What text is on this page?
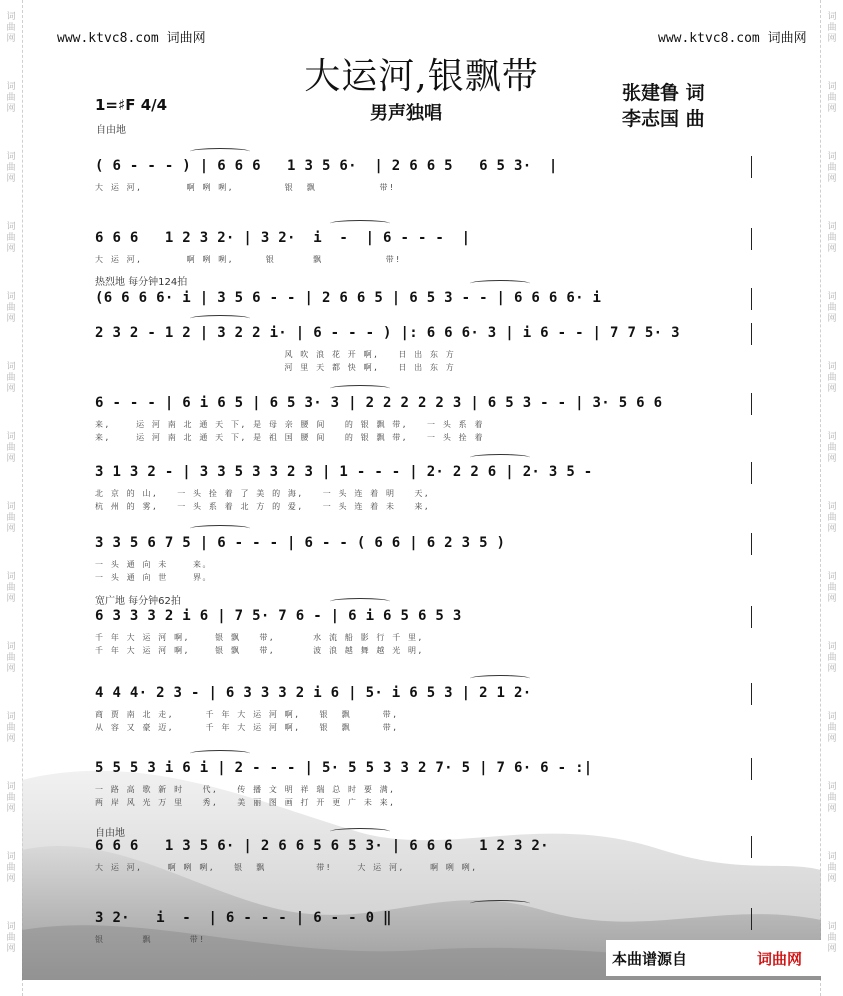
词
曲
网
词
曲
网
词
曲
网
词
曲
网
词
曲
网
词
曲
网
词
曲
网
词
曲
网
词
曲
网
词
曲
网
词
曲
网
词
曲
网
词
曲
网
词
曲
网
词
曲
网
词
曲
网
词
曲
网
词
曲
网
词
曲
网
词
曲
网
词
曲
网
词
曲
网
词
曲
网
词
曲
网
词
曲
网
词
曲
网
词
曲
网
词
曲
网
www.ktvc8.com 词曲网	www.ktvc8.com 词曲网
大运河,银飘带
男声独唱
张建鲁 词
李志国 曲
1=♯F 4/4
自由地
热烈地 每分钟124拍
宽广地 每分钟62拍
自由地
( 6 - - - ) | 6 6 6   1 3 5 6·  | 2 6 6 5   6 5 3·  |
大 运 河,       啊 咧 咧,        银  飘          带!
6 6 6   1 2 3 2· | 3 2·  i  -  | 6 - - -  |
大 运 河,       啊 咧 咧,     银      飘          带!
(6 6 6 6· i | 3 5 6 - - | 2 6 6 5 | 6 5 3 - - | 6 6 6 6· i
2 3 2 - 1 2 | 3 2 2 i· | 6 - - - ) |: 6 6 6· 3 | i 6 - - | 7 7 5· 3
风 吹 浪 花 开 啊,   日 出 东 方
河 里 天 都 快 啊,   日 出 东 方
6 - - - | 6 i 6 5 | 6 5 3· 3 | 2 2 2 2 2 3 | 6 5 3 - - | 3· 5 6 6
来,    运 河 南 北 通 天 下, 是 母 亲 腰 间   的 银 飘 带,   一 头 系 着
来,    运 河 南 北 通 天 下, 是 祖 国 腰 间   的 银 飘 带,   一 头 拴 着
3 1 3 2 - | 3 3 5 3 3 2 3 | 1 - - - | 2· 2 2 6 | 2· 3 5 -
北 京 的 山,   一 头 拴 着 了 美 的 海,   一 头 连 着 明   天,
杭 州 的 雾,   一 头 系 着 北 方 的 爱,   一 头 连 着 未   来,
3 3 5 6 7 5 | 6 - - - | 6 - - ( 6 6 | 6 2 3 5 )
一 头 通 向 未    来。
一 头 通 向 世    界。
6 3 3 3 2 i 6 | 7 5· 7 6 - | 6 i 6 5 6 5 3
千 年 大 运 河 啊,    银 飘   带,      水 流 船 影 行 千 里,
千 年 大 运 河 啊,    银 飘   带,      波 浪 越 舞 越 光 明,
4 4 4· 2 3 - | 6 3 3 3 2 i 6 | 5· i 6 5 3 | 2 1 2·
商 贾 南 北 走,     千 年 大 运 河 啊,   银  飘     带,
从 容 又 豪 迈,     千 年 大 运 河 啊,   银  飘     带,
5 5 5 3 i 6 i | 2 - - - | 5· 5 5 3 3 2 7· 5 | 7 6· 6 - :|
一 路 高 歌 新 时   代,   传 播 文 明 祥 瑞 总 时 要 满,
两 岸 风 光 万 里   秀,   美 丽 图 画 打 开 更 广 未 来,
6 6 6   1 3 5 6· | 2 6 6 5 6 5 3· | 6 6 6   1 2 3 2·
大 运 河,    啊 咧 咧,   银  飘        带!    大 运 河,    啊 咧 咧,
3 2·   i  -  | 6 - - - | 6 - - 0 ‖
银      飘      带!
本曲谱源自	词曲网
